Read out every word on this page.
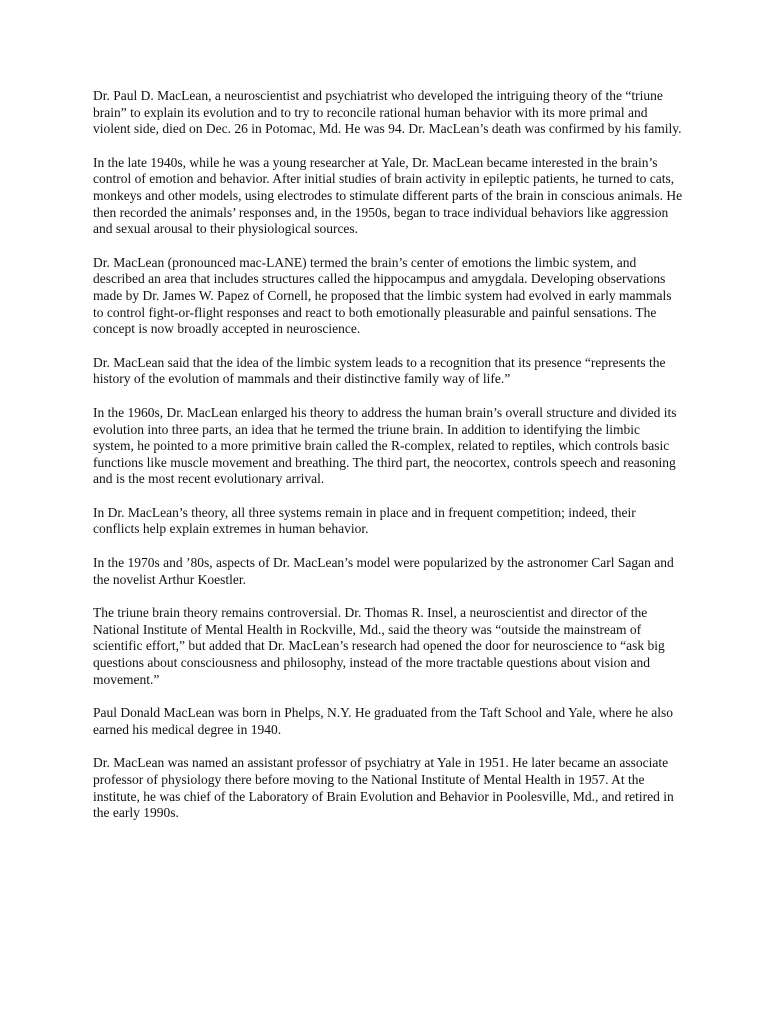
Dr. Paul D. MacLean, a neuroscientist and psychiatrist who developed the intriguing theory of the “triune brain” to explain its evolution and to try to reconcile rational human behavior with its more primal and violent side, died on Dec. 26 in Potomac, Md. He was 94. Dr. MacLean’s death was confirmed by his family.

In the late 1940s, while he was a young researcher at Yale, Dr. MacLean became interested in the brain’s control of emotion and behavior. After initial studies of brain activity in epileptic patients, he turned to cats, monkeys and other models, using electrodes to stimulate different parts of the brain in conscious animals. He then recorded the animals’ responses and, in the 1950s, began to trace individual behaviors like aggression and sexual arousal to their physiological sources.

Dr. MacLean (pronounced mac-LANE) termed the brain’s center of emotions the limbic system, and described an area that includes structures called the hippocampus and amygdala. Developing observations made by Dr. James W. Papez of Cornell, he proposed that the limbic system had evolved in early mammals to control fight-or-flight responses and react to both emotionally pleasurable and painful sensations. The concept is now broadly accepted in neuroscience.

Dr. MacLean said that the idea of the limbic system leads to a recognition that its presence “represents the history of the evolution of mammals and their distinctive family way of life.”

In the 1960s, Dr. MacLean enlarged his theory to address the human brain’s overall structure and divided its evolution into three parts, an idea that he termed the triune brain. In addition to identifying the limbic system, he pointed to a more primitive brain called the R-complex, related to reptiles, which controls basic functions like muscle movement and breathing. The third part, the neocortex, controls speech and reasoning and is the most recent evolutionary arrival.

In Dr. MacLean’s theory, all three systems remain in place and in frequent competition; indeed, their conflicts help explain extremes in human behavior.

In the 1970s and ’80s, aspects of Dr. MacLean’s model were popularized by the astronomer Carl Sagan and the novelist Arthur Koestler.

The triune brain theory remains controversial. Dr. Thomas R. Insel, a neuroscientist and director of the National Institute of Mental Health in Rockville, Md., said the theory was “outside the mainstream of scientific effort,” but added that Dr. MacLean’s research had opened the door for neuroscience to “ask big questions about consciousness and philosophy, instead of the more tractable questions about vision and movement.”

Paul Donald MacLean was born in Phelps, N.Y. He graduated from the Taft School and Yale, where he also earned his medical degree in 1940.

Dr. MacLean was named an assistant professor of psychiatry at Yale in 1951. He later became an associate professor of physiology there before moving to the National Institute of Mental Health in 1957. At the institute, he was chief of the Laboratory of Brain Evolution and Behavior in Poolesville, Md., and retired in the early 1990s.
